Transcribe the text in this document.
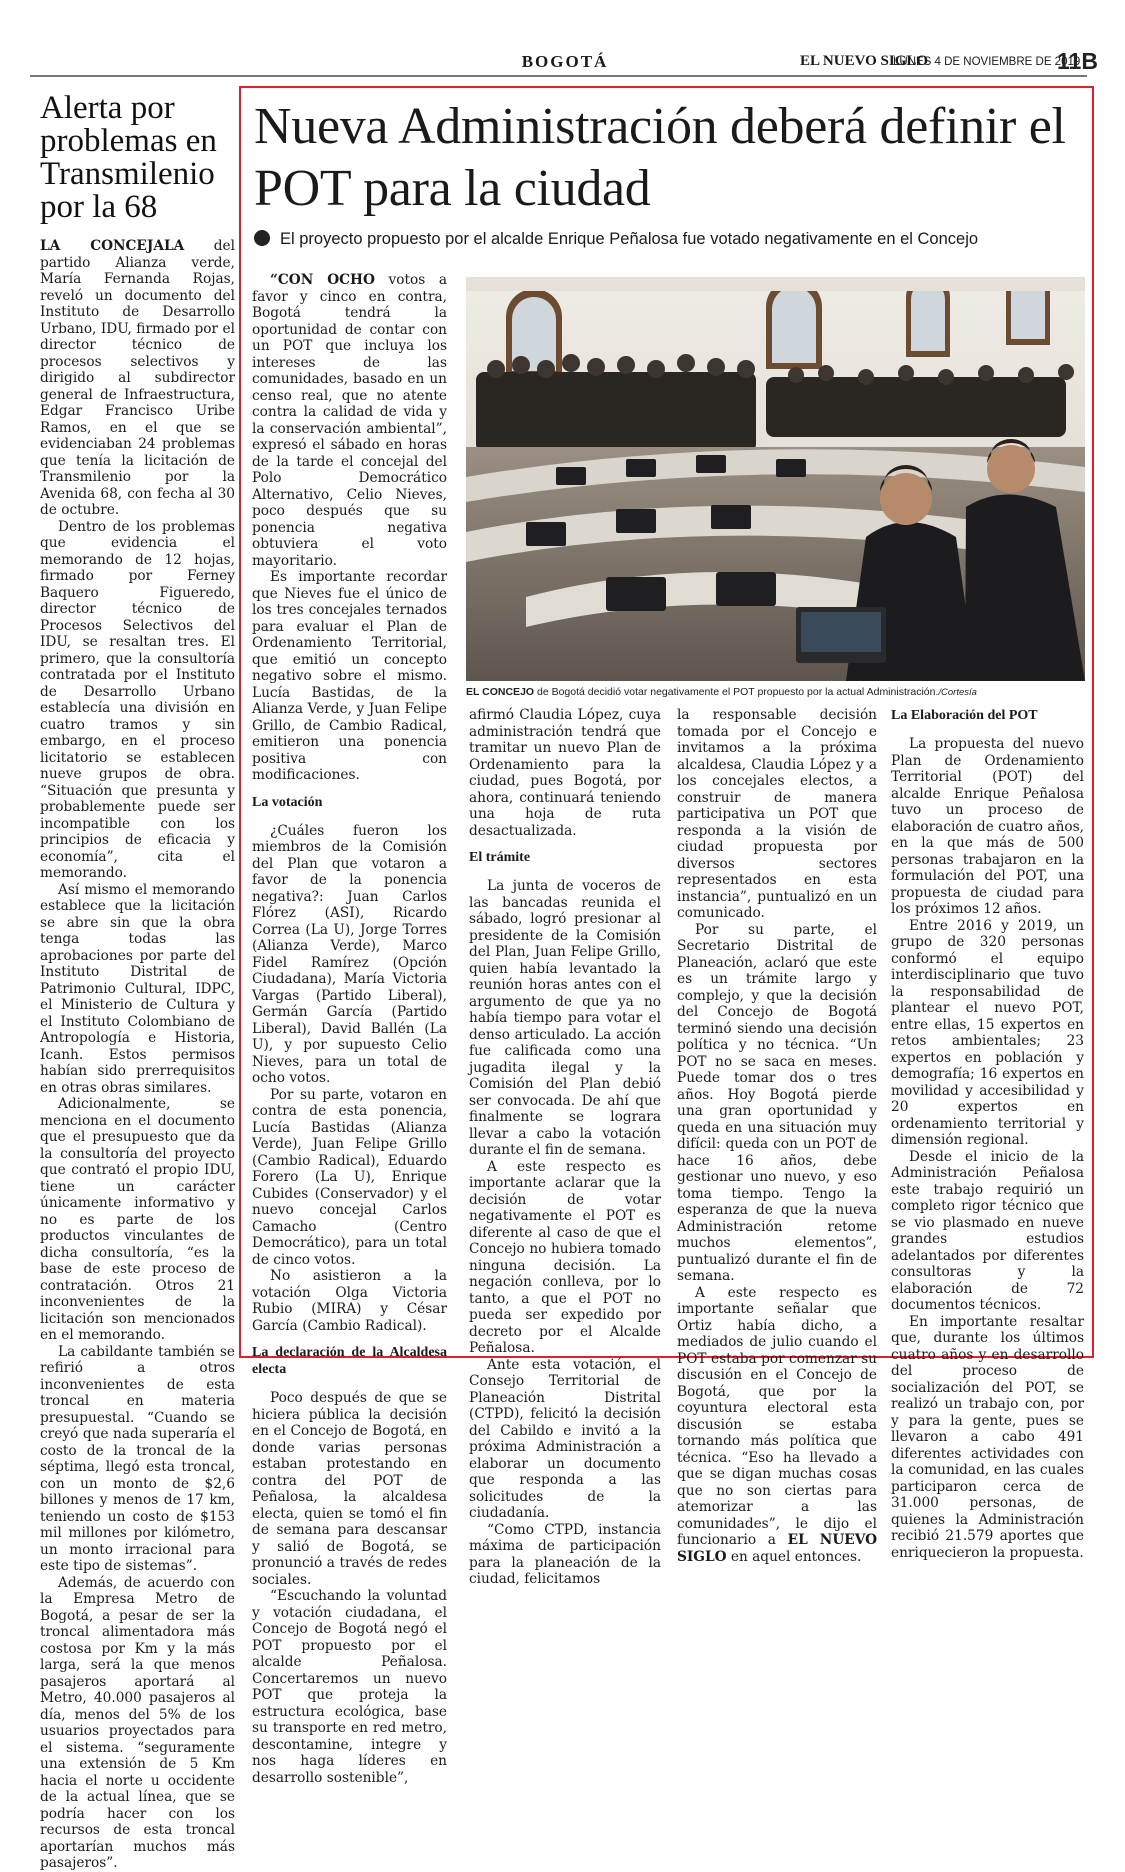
BOGOTÁ	EL NUEVO SIGLO
LUNES 4 DE NOVIEMBRE DE 2019
11B
Alerta por problemas en Transmilenio por la 68

LA CONCEJALA del partido Alianza verde, María Fernanda Rojas, reveló un documento del Instituto de Desarrollo Urbano, IDU, firmado por el director técnico de procesos selectivos y dirigido al subdirector general de Infraestructura, Edgar Francisco Uribe Ramos, en el que se evidenciaban 24 problemas que tenía la licitación de Transmilenio por la Avenida 68, con fecha al 30 de octubre.

Dentro de los problemas que evidencia el memorando de 12 hojas, firmado por Ferney Baquero Figueredo, director técnico de Procesos Selectivos del IDU, se resaltan tres. El primero, que la consultoría contratada por el Instituto de Desarrollo Urbano establecía una división en cuatro tramos y sin embargo, en el proceso licitatorio se establecen nueve grupos de obra. “Situación que presunta y probablemente puede ser incompatible con los principios de eficacia y economía”, cita el memorando.

Así mismo el memorando establece que la licitación se abre sin que la obra tenga todas las aprobaciones por parte del Instituto Distrital de Patrimonio Cultural, IDPC, el Ministerio de Cultura y el Instituto Colombiano de Antropología e Historia, Icanh. Estos permisos habían sido prerrequisitos en otras obras similares.

Adicionalmente, se menciona en el documento que el presupuesto que da la consultoría del proyecto que contrató el propio IDU, tiene un carácter únicamente informativo y no es parte de los productos vinculantes de dicha consultoría, “es la base de este proceso de contratación. Otros 21 inconvenientes de la licitación son mencionados en el memorando.

La cabildante también se refirió a otros inconvenientes de esta troncal en materia presupuestal. “Cuando se creyó que nada superaría el costo de la troncal de la séptima, llegó esta troncal, con un monto de $2,6 billones y menos de 17 km, teniendo un costo de $153 mil millones por kilómetro, un monto irracional para este tipo de sistemas”.

Además, de acuerdo con la Empresa Metro de Bogotá, a pesar de ser la troncal alimentadora más costosa por Km y la más larga, será la que menos pasajeros aportará al Metro, 40.000 pasajeros al día, menos del 5% de los usuarios proyectados para el sistema. “seguramente una extensión de 5 Km hacia el norte u occidente de la actual línea, que se podría hacer con los recursos de esta troncal aportarían muchos más pasajeros”.

Nueva Administración deberá definir el POT para la ciudad
El proyecto propuesto por el alcalde Enrique Peñalosa fue votado negativamente en el Concejo

“CON OCHO votos a favor y cinco en contra, Bogotá tendrá la oportunidad de contar con un POT que incluya los intereses de las comunidades, basado en un censo real, que no atente contra la calidad de vida y la conservación ambiental”, expresó el sábado en horas de la tarde el concejal del Polo Democrático Alternativo, Celio Nieves, poco después que su ponencia negativa obtuviera el voto mayoritario.

Es importante recordar que Nieves fue el único de los tres concejales ternados para evaluar el Plan de Ordenamiento Territorial, que emitió un concepto negativo sobre el mismo. Lucía Bastidas, de la Alianza Verde, y Juan Felipe Grillo, de Cambio Radical, emitieron una ponencia positiva con modificaciones.

La votación

¿Cuáles fueron los miembros de la Comisión del Plan que votaron a favor de la ponencia negativa?: Juan Carlos Flórez (ASI), Ricardo Correa (La U), Jorge Torres (Alianza Verde), Marco Fidel Ramírez (Opción Ciudadana), María Victoria Vargas (Partido Liberal), Germán García (Partido Liberal), David Ballén (La U), y por supuesto Celio Nieves, para un total de ocho votos.

Por su parte, votaron en contra de esta ponencia, Lucía Bastidas (Alianza Verde), Juan Felipe Grillo (Cambio Radical), Eduardo Forero (La U), Enrique Cubides (Conservador) y el nuevo concejal Carlos Camacho (Centro Democrático), para un total de cinco votos.

No asistieron a la votación Olga Victoria Rubio (MIRA) y César García (Cambio Radical).

La declaración de la Alcaldesa electa

Poco después de que se hiciera pública la decisión en el Concejo de Bogotá, en donde varias personas estaban protestando en contra del POT de Peñalosa, la alcaldesa electa, quien se tomó el fin de semana para descansar y salió de Bogotá, se pronunció a través de redes sociales.

“Escuchando la voluntad y votación ciudadana, el Concejo de Bogotá negó el POT propuesto por el alcalde Peñalosa. Concertaremos un nuevo POT que proteja la estructura ecológica, base su transporte en red metro, descontamine, integre y nos haga líderes en desarrollo sostenible”,

EL CONCEJO de Bogotá decidió votar negativamente el POT propuesto por la actual Administración./Cortesía

afirmó Claudia López, cuya administración tendrá que tramitar un nuevo Plan de Ordenamiento para la ciudad, pues Bogotá, por ahora, continuará teniendo una hoja de ruta desactualizada.

El trámite

La junta de voceros de las bancadas reunida el sábado, logró presionar al presidente de la Comisión del Plan, Juan Felipe Grillo, quien había levantado la reunión horas antes con el argumento de que ya no había tiempo para votar el denso articulado. La acción fue calificada como una jugadita ilegal y la Comisión del Plan debió ser convocada. De ahí que finalmente se lograra llevar a cabo la votación durante el fin de semana.

A este respecto es importante aclarar que la decisión de votar negativamente el POT es diferente al caso de que el Concejo no hubiera tomado ninguna decisión. La negación conlleva, por lo tanto, a que el POT no pueda ser expedido por decreto por el Alcalde Peñalosa.

Ante esta votación, el Consejo Territorial de Planeación Distrital (CTPD), felicitó la decisión del Cabildo e invitó a la próxima Administración a elaborar un documento que responda a las solicitudes de la ciudadanía.

“Como CTPD, instancia máxima de participación para la planeación de la ciudad, felicitamos

la responsable decisión tomada por el Concejo e invitamos a la próxima alcaldesa, Claudia López y a los concejales electos, a construir de manera participativa un POT que responda a la visión de ciudad propuesta por diversos sectores representados en esta instancia”, puntualizó en un comunicado.

Por su parte, el Secretario Distrital de Planeación, aclaró que este es un trámite largo y complejo, y que la decisión del Concejo de Bogotá terminó siendo una decisión política y no técnica. “Un POT no se saca en meses. Puede tomar dos o tres años. Hoy Bogotá pierde una gran oportunidad y queda en una situación muy difícil: queda con un POT de hace 16 años, debe gestionar uno nuevo, y eso toma tiempo. Tengo la esperanza de que la nueva Administración retome muchos elementos”, puntualizó durante el fin de semana.

A este respecto es importante señalar que Ortiz había dicho, a mediados de julio cuando el POT estaba por comenzar su discusión en el Concejo de Bogotá, que por la coyuntura electoral esta discusión se estaba tornando más política que técnica. “Eso ha llevado a que se digan muchas cosas que no son ciertas para atemorizar a las comunidades”, le dijo el funcionario a EL NUEVO SIGLO en aquel entonces.

La Elaboración del POT

La propuesta del nuevo Plan de Ordenamiento Territorial (POT) del alcalde Enrique Peñalosa tuvo un proceso de elaboración de cuatro años, en la que más de 500 personas trabajaron en la formulación del POT, una propuesta de ciudad para los próximos 12 años.

Entre 2016 y 2019, un grupo de 320 personas conformó el equipo interdisciplinario que tuvo la responsabilidad de plantear el nuevo POT, entre ellas, 15 expertos en retos ambientales; 23 expertos en población y demografía; 16 expertos en movilidad y accesibilidad y 20 expertos en ordenamiento territorial y dimensión regional.

Desde el inicio de la Administración Peñalosa este trabajo requirió un completo rigor técnico que se vio plasmado en nueve grandes estudios adelantados por diferentes consultoras y la elaboración de 72 documentos técnicos.

En importante resaltar que, durante los últimos cuatro años y en desarrollo del proceso de socialización del POT, se realizó un trabajo con, por y para la gente, pues se llevaron a cabo 491 diferentes actividades con la comunidad, en las cuales participaron cerca de 31.000 personas, de quienes la Administración recibió 21.579 aportes que enriquecieron la propuesta.
